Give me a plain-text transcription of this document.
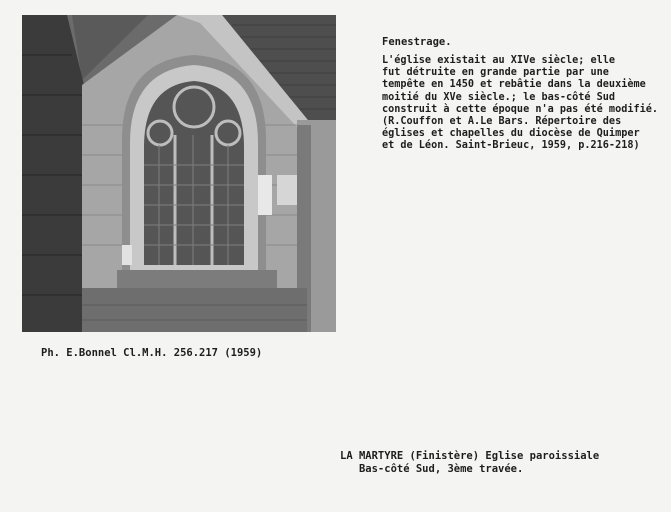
Fenestrage.
L'église existait au XIVe siècle; elle
fut détruite en grande partie par une
tempête en 1450 et rebâtie dans la deuxième
moitié du XVe siècle.; le bas-côté Sud
construit à cette époque n'a pas été modifié.
(R.Couffon et A.Le Bars. Répertoire des
églises et chapelles du diocèse de Quimper
et de Léon. Saint-Brieuc, 1959, p.216-218)
Ph. E.Bonnel Cl.M.H. 256.217 (1959)
LA MARTYRE (Finistère) Eglise paroissiale
Bas-côté Sud, 3ème travée.
